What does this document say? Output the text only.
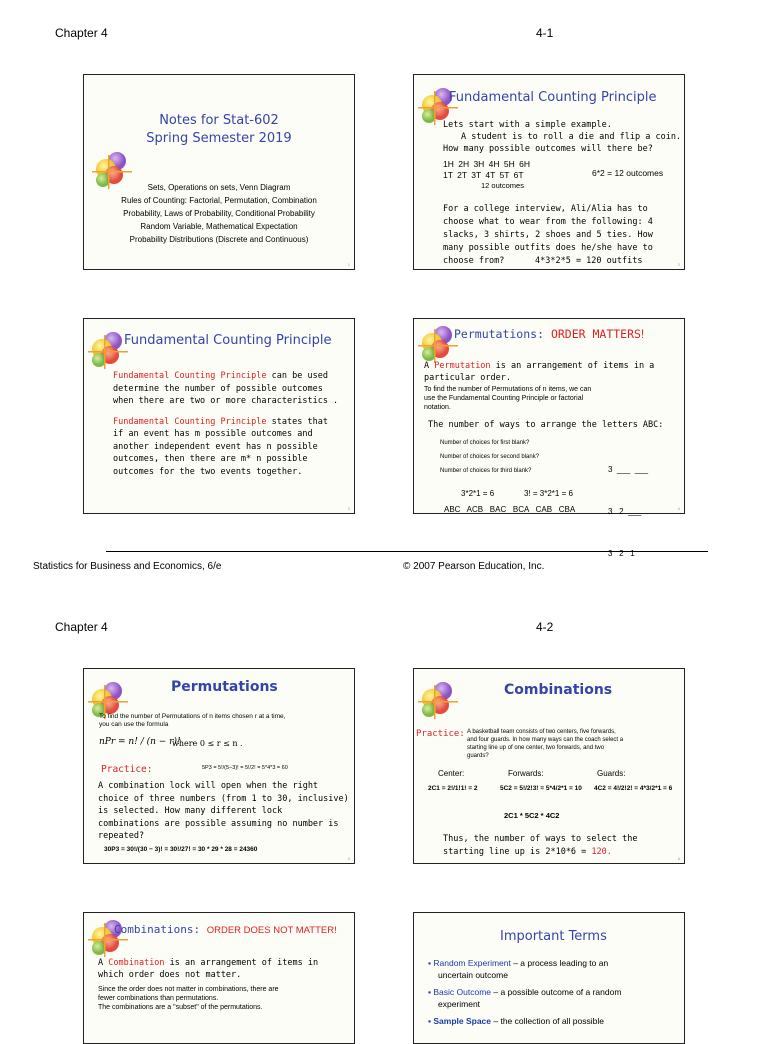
Chapter 4	4-1
Notes for Stat-602
Spring Semester 2019
Sets, Operations on sets, Venn Diagram
Rules of Counting: Factorial, Permutation, Combination
Probability, Laws of Probability, Conditional Probability
Random Variable, Mathematical Expectation
Probability Distributions (Discrete and Continuous)
1
Fundamental Counting Principle
Lets start with a simple example.
A student is to roll a die and flip a coin.
How many possible outcomes will there be?
1H 2H 3H 4H 5H 6H
1T 2T 3T 4T 5T 6T	6*2 = 12 outcomes
12 outcomes
For a college interview, Ali/Alia has to
choose what to wear from the following: 4
slacks, 3 shirts, 2 shoes and 5 ties. How
many possible outfits does he/she have to
choose from?	4*3*2*5 = 120 outfits	2
Fundamental Counting Principle
Fundamental Counting Principle can be used
determine the number of possible outcomes
when there are two or more characteristics .
Fundamental Counting Principle states that
if an event has m possible outcomes and
another independent event has n possible
outcomes, then there are m* n possible
outcomes for the two events together.
3
Permutations: ORDER MATTERS!
A Permutation is an arrangement of items in a
particular order.
To find the number of Permutations of n items, we can
use the Fundamental Counting Principle or factorial
notation.
The number of ways to arrange the letters ABC:
Number of choices for first blank?
Number of choices for second blank?
Number of choices for third blank?

	3  ___  ___

3   2  ___

3   2   1

3*2*1 = 6	3! = 3*2*1 = 6
ABC   ACB   BAC   BCA   CAB   CBA	4
Statistics for Business and Economics, 6/e	© 2007 Pearson Education, Inc.
Chapter 4	4-2
Permutations
To find the number of Permutations of n items chosen r at a time,
you can use the formula
nPr = n! / (n − r)!
where 0 ≤ r ≤ n .
Practice:	5P3 = 5!/(5−3)! = 5!/2! = 5*4*3 = 60
A combination lock will open when the right
choice of three numbers (from 1 to 30, inclusive)
is selected. How many different lock
combinations are possible assuming no number is
repeated?
30P3 = 30!/(30 − 3)! = 30!/27! = 30 * 29 * 28 = 24360
5
Combinations
Practice: A basketball team consists of two centers, five forwards,
and four guards. In how many ways can the coach select a
starting line up of one center, two forwards, and two
guards?
Center:	Forwards:	Guards:
2C1 = 2!/1!1! = 2	5C2 = 5!/2!3! = 5*4/2*1 = 10 4C2 = 4!/2!2! = 4*3/2*1 = 6
2C1 * 5C2 * 4C2
Thus, the number of ways to select the
starting line up is 2*10*6 = 120.
6
Combinations: ORDER DOES NOT MATTER!
A Combination is an arrangement of items in
which order does not matter.
Since the order does not matter in combinations, there are
fewer combinations than permutations.
The combinations are a "subset" of the permutations.
Important Terms
▪ Random Experiment – a process leading to an
uncertain outcome
▪ Basic Outcome – a possible outcome of a random
experiment
▪ Sample Space – the collection of all possible
